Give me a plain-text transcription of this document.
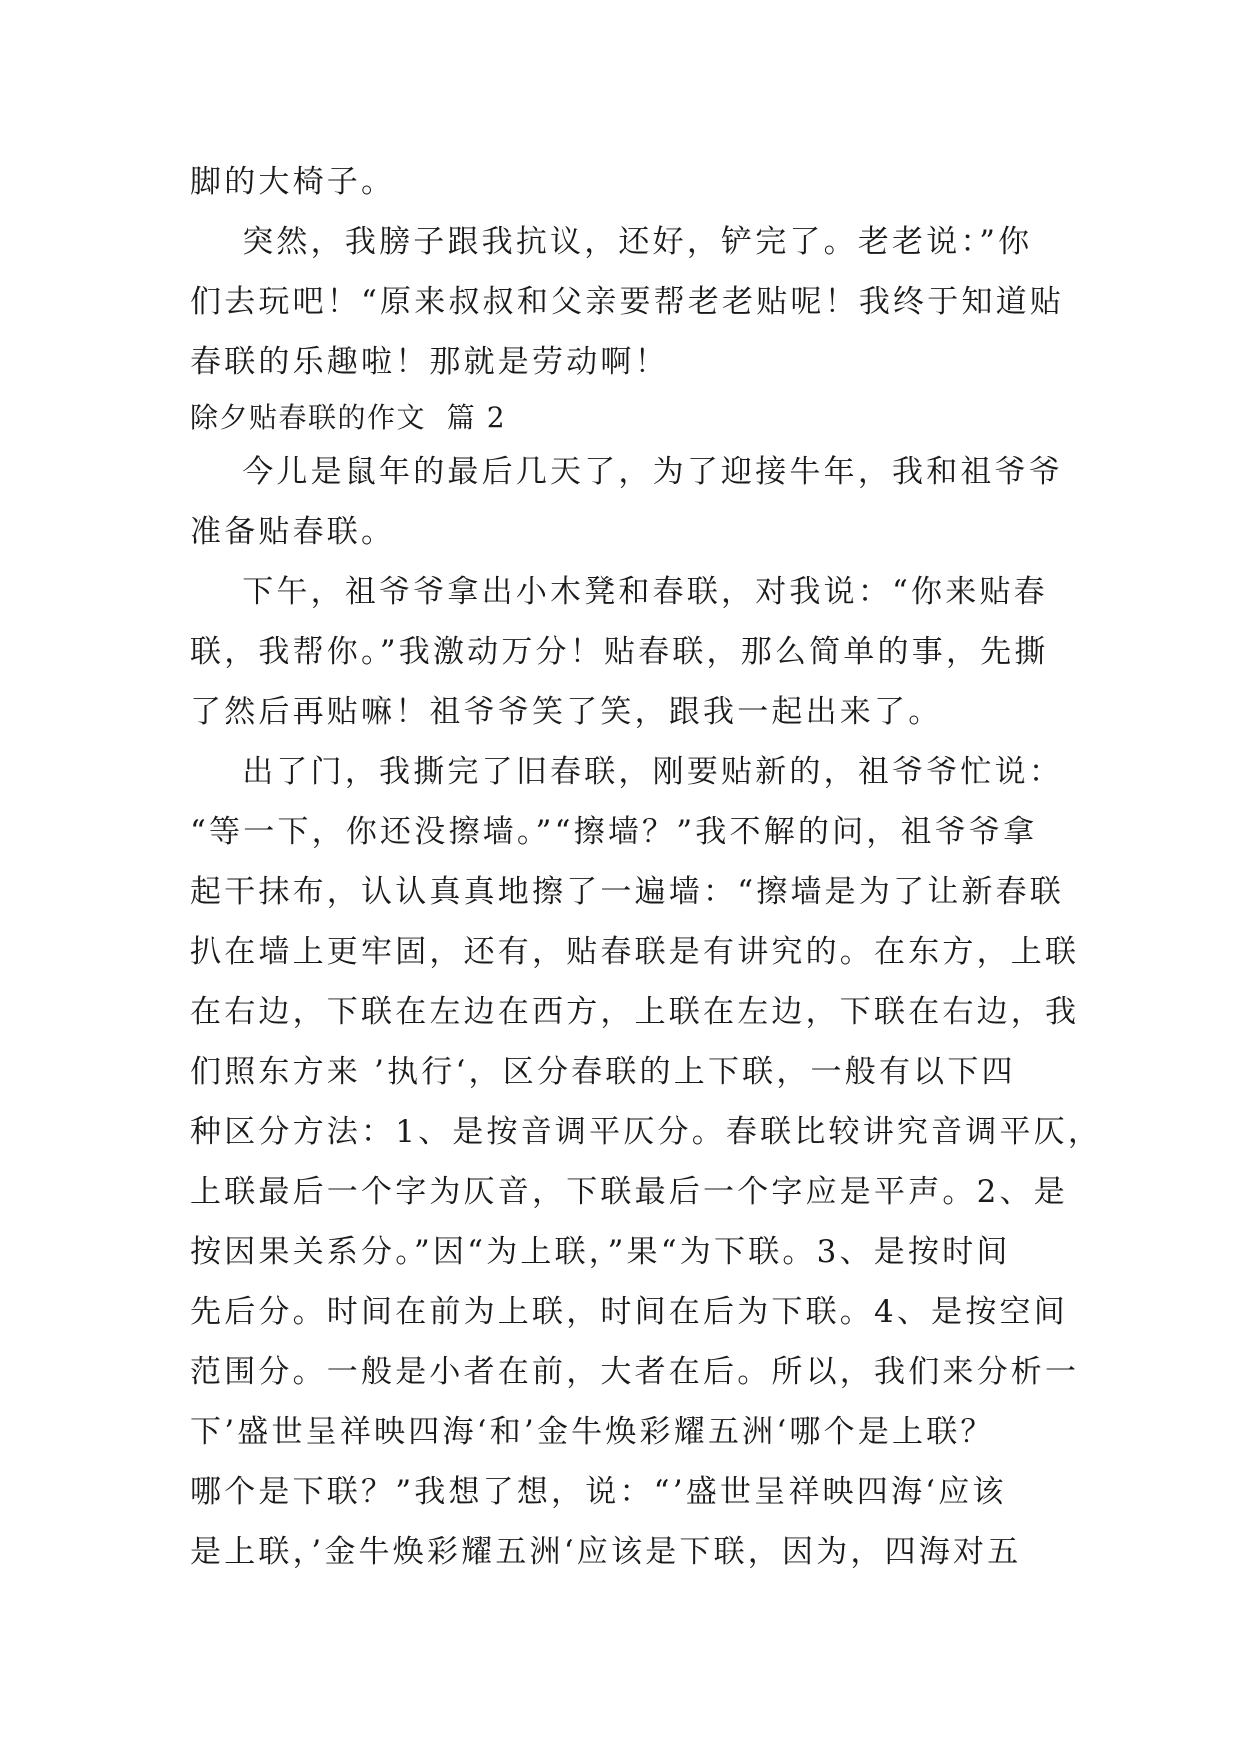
脚的大椅子。
突然，我膀子跟我抗议，还好，铲完了。老老说：”你
们去玩吧！“原来叔叔和父亲要帮老老贴呢！我终于知道贴
春联的乐趣啦！那就是劳动啊！
除夕贴春联的作文  篇 2
今儿是鼠年的最后几天了，为了迎接牛年，我和祖爷爷
准备贴春联。
下午，祖爷爷拿出小木凳和春联，对我说：“你来贴春
联，我帮你。”我激动万分！贴春联，那么简单的事，先撕
了然后再贴嘛！祖爷爷笑了笑，跟我一起出来了。
出了门，我撕完了旧春联，刚要贴新的，祖爷爷忙说：
“等一下，你还没擦墙。”“擦墙？”我不解的问，祖爷爷拿
起干抹布，认认真真地擦了一遍墙：“擦墙是为了让新春联
扒在墙上更牢固，还有，贴春联是有讲究的。在东方，上联
在右边，下联在左边在西方，上联在左边，下联在右边，我
们照东方来 ’执行‘，区分春联的上下联，一般有以下四
种区分方法：1、是按音调平仄分。春联比较讲究音调平仄，
上联最后一个字为仄音，下联最后一个字应是平声。2、是
按因果关系分。”因“为上联，”果“为下联。3、是按时间
先后分。时间在前为上联，时间在后为下联。4、是按空间
范围分。一般是小者在前，大者在后。所以，我们来分析一
下’盛世呈祥映四海‘和’金牛焕彩耀五洲‘哪个是上联？
哪个是下联？”我想了想，说：“’盛世呈祥映四海‘应该
是上联，’金牛焕彩耀五洲‘应该是下联，因为，四海对五
